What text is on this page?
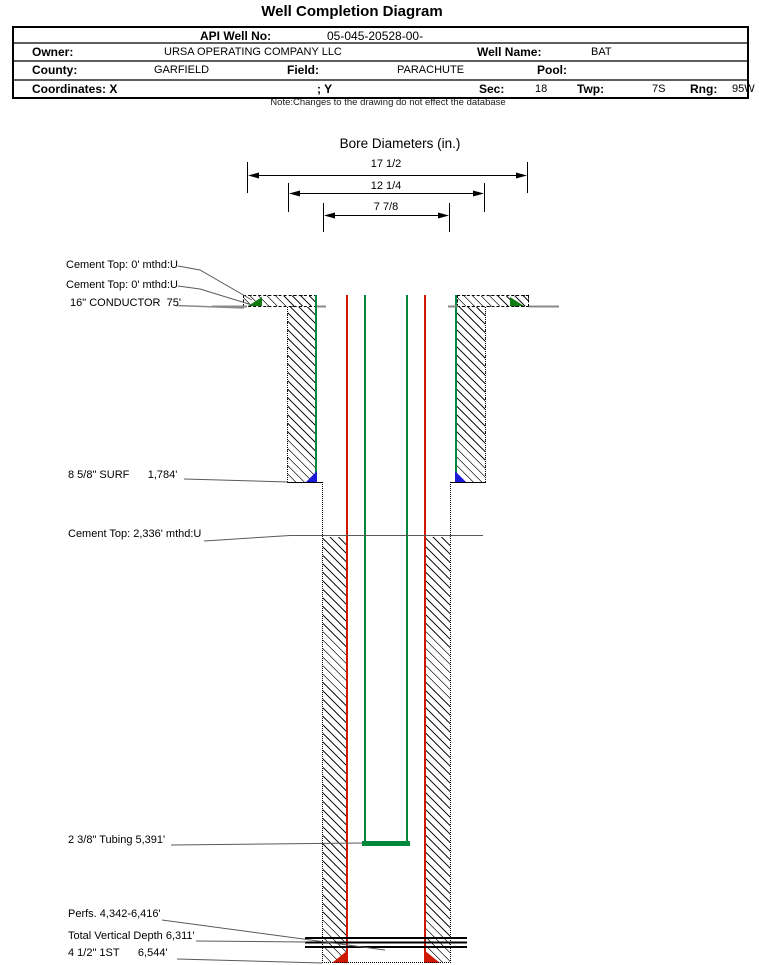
Well Completion Diagram
API Well No:	05-045-20528-00-
Owner:	URSA OPERATING COMPANY LLC	Well Name:	BAT
County:	GARFIELD	Field:	PARACHUTE	Pool:
Coordinates: X	; Y	Sec:	18 Twp:	7S Rng: 95W
Note:Changes to the drawing do not effect the database
Bore Diameters (in.)
17 1/2
12 1/4
7 7/8
Cement Top: 0' mthd:U
Cement Top: 0' mthd:U
16" CONDUCTOR  75'
8 5/8" SURF      1,784'
Cement Top: 2,336' mthd:U
2 3/8" Tubing 5,391'
Perfs. 4,342-6,416'
Total Vertical Depth 6,311'
4 1/2" 1ST      6,544'
